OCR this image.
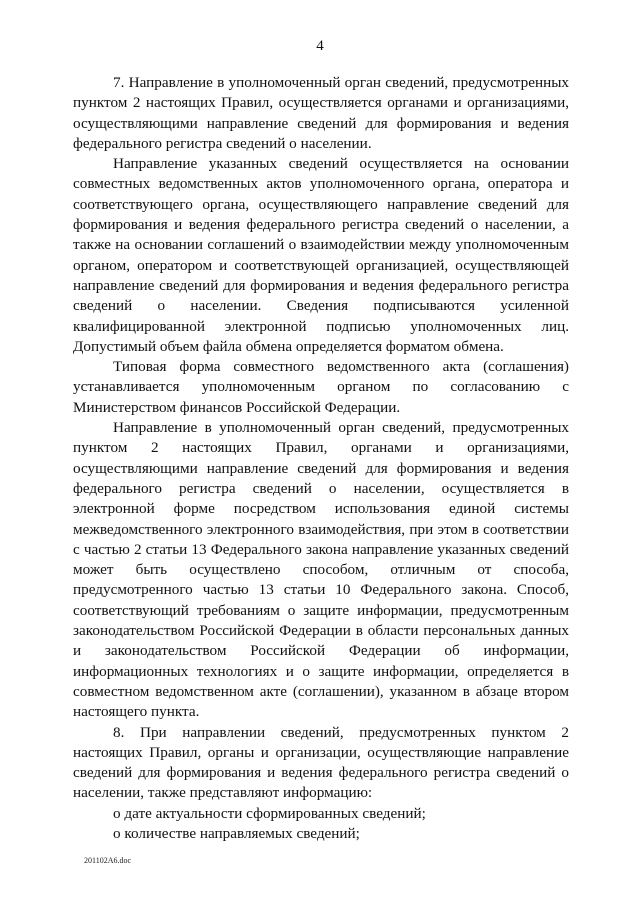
4

7. Направление в уполномоченный орган сведений, предусмотренных пунктом 2 настоящих Правил, осуществляется органами и организациями, осуществляющими направление сведений для формирования и ведения федерального регистра сведений о населении.

Направление указанных сведений осуществляется на основании совместных ведомственных актов уполномоченного органа, оператора и соответствующего органа, осуществляющего направление сведений для формирования и ведения федерального регистра сведений о населении, а также на основании соглашений о взаимодействии между уполномоченным органом, оператором и соответствующей организацией, осуществляющей направление сведений для формирования и ведения федерального регистра сведений о населении. Сведения подписываются усиленной квалифицированной электронной подписью уполномоченных лиц. Допустимый объем файла обмена определяется форматом обмена.

Типовая форма совместного ведомственного акта (соглашения) устанавливается уполномоченным органом по согласованию с Министерством финансов Российской Федерации.

Направление в уполномоченный орган сведений, предусмотренных пунктом 2 настоящих Правил, органами и организациями, осуществляющими направление сведений для формирования и ведения федерального регистра сведений о населении, осуществляется в электронной форме посредством использования единой системы межведомственного электронного взаимодействия, при этом в соответствии с частью 2 статьи 13 Федерального закона направление указанных сведений может быть осуществлено способом, отличным от способа, предусмотренного частью 13 статьи 10 Федерального закона. Способ, соответствующий требованиям о защите информации, предусмотренным законодательством Российской Федерации в области персональных данных и законодательством Российской Федерации об информации, информационных технологиях и о защите информации, определяется в совместном ведомственном акте (соглашении), указанном в абзаце втором настоящего пункта.

8. При направлении сведений, предусмотренных пунктом 2 настоящих Правил, органы и организации, осуществляющие направление сведений для формирования и ведения федерального регистра сведений о населении, также представляют информацию:

о дате актуальности сформированных сведений;

о количестве направляемых сведений;

201102A6.doc
